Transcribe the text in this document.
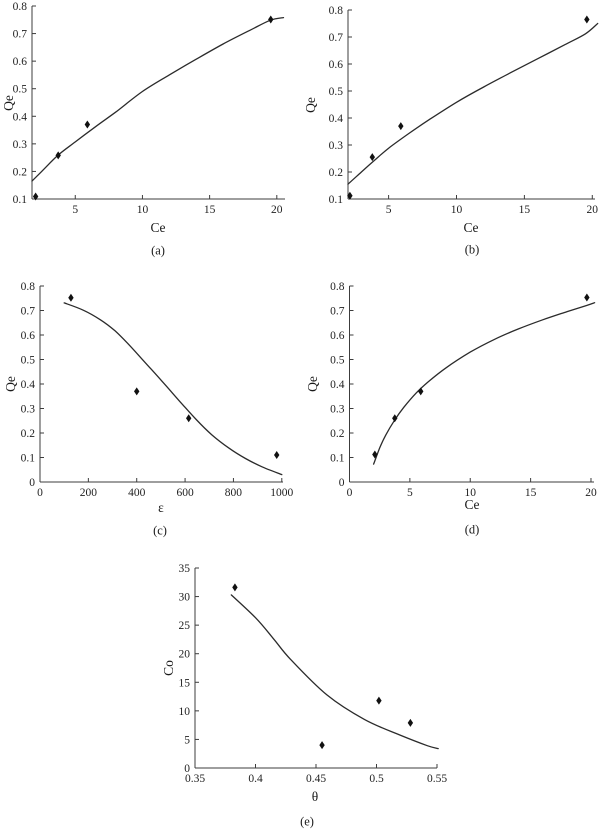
5	10	15	20
0.1
0.2
0.3
0.4
0.5
0.6
0.7
0.8
5	10	15	20
0.1
0.2
0.3
0.4
0.5
0.6
0.7
0.8
0	200	400	600	800 1000
0
0.1
0.2
0.3
0.4
0.5
0.6
0.7
0.8
0	5	10	15	20
0
0.1
0.2
0.3
0.4
0.5
0.6
0.7
0.8
0.35	0.4	0.45	0.5	0.55
0
5
10
15
20
25
30
35
Ce
Qe
(a)
Ce
Qe
(b)
ε
Qe
(c)
Ce
Qe
(d)
θ
Co
(e)
